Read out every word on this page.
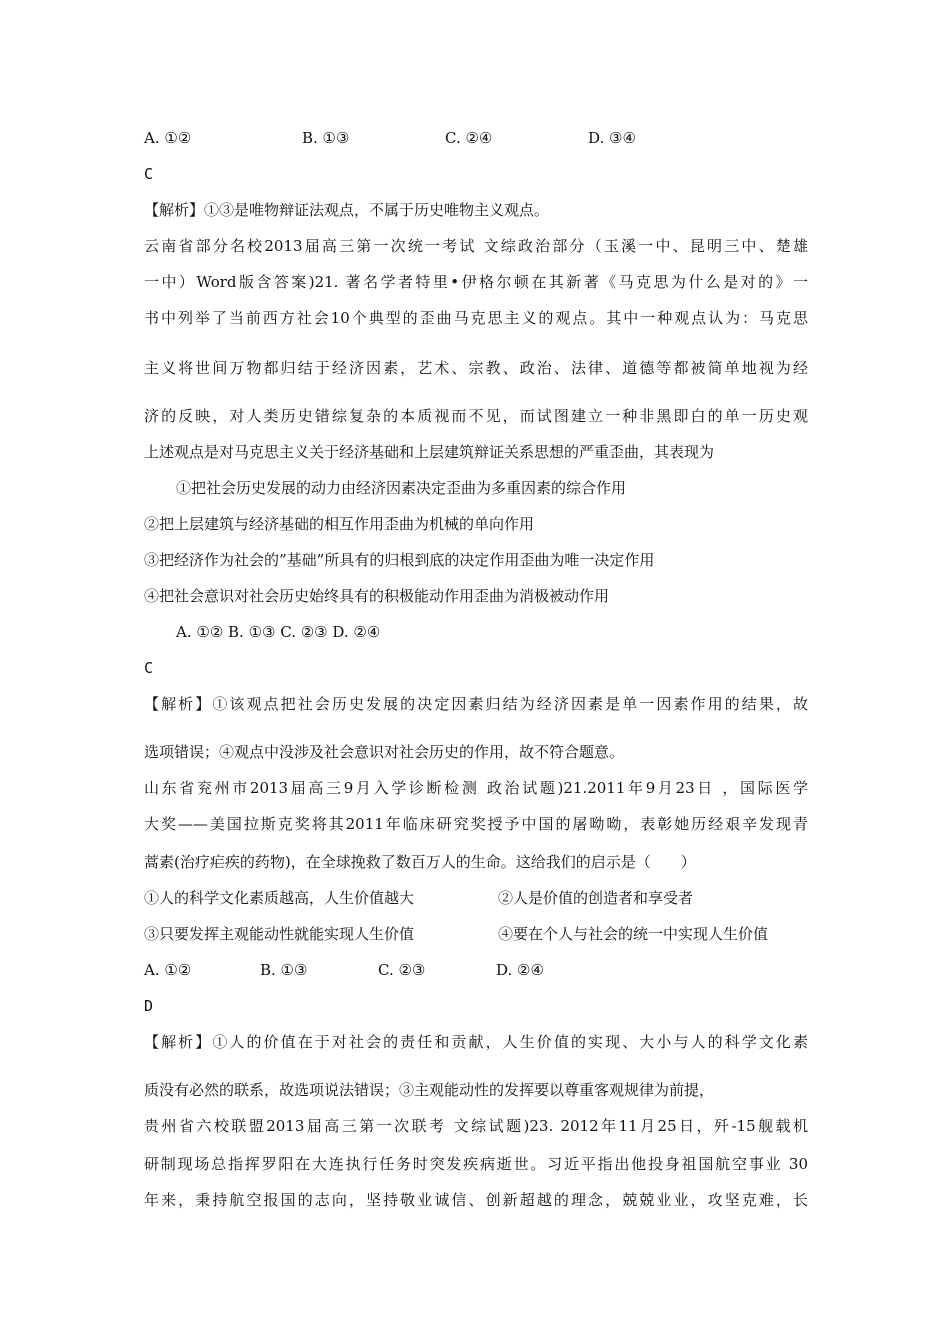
A. ①②	B. ①③	C. ②④	D. ③④
C
【解析】①③是唯物辩证法观点，不属于历史唯物主义观点。
云南省部分名校2013届高三第一次统一考试 文综政治部分（玉溪一中、昆明三中、楚雄
一中）Word版含答案)21. 著名学者特里•伊格尔顿在其新著《马克思为什么是对的》一
书中列举了当前西方社会10个典型的歪曲马克思主义的观点。其中一种观点认为：马克思
主义将世间万物都归结于经济因素，艺术、宗教、政治、法律、道德等都被简单地视为经
济的反映，对人类历史错综复杂的本质视而不见，而试图建立一种非黑即白的单一历史观
上述观点是对马克思主义关于经济基础和上层建筑辩证关系思想的严重歪曲，其表现为
①把社会历史发展的动力由经济因素决定歪曲为多重因素的综合作用
②把上层建筑与经济基础的相互作用歪曲为机械的单向作用
③把经济作为社会的”基础”所具有的归根到底的决定作用歪曲为唯一决定作用
④把社会意识对社会历史始终具有的积极能动作用歪曲为消极被动作用
A. ①② B. ①③ C. ②③ D. ②④
C
【解析】①该观点把社会历史发展的决定因素归结为经济因素是单一因素作用的结果，故
选项错误；④观点中没涉及社会意识对社会历史的作用，故不符合题意。
山东省兖州市2013届高三9月入学诊断检测 政治试题)21.2011年9月23日 ，国际医学
大奖——美国拉斯克奖将其2011年临床研究奖授予中国的屠呦呦，表彰她历经艰辛发现青
蒿素(治疗疟疾的药物)，在全球挽救了数百万人的生命。这给我们的启示是（　　）
①人的科学文化素质越高，人生价值越大	②人是价值的创造者和享受者
③只要发挥主观能动性就能实现人生价值	④要在个人与社会的统一中实现人生价值
A. ①②	B. ①③	C. ②③	D. ②④
D
【解析】①人的价值在于对社会的责任和贡献，人生价值的实现、大小与人的科学文化素
质没有必然的联系，故选项说法错误；③主观能动性的发挥要以尊重客观规律为前提，
贵州省六校联盟2013届高三第一次联考 文综试题)23. 2012年11月25日，歼-15舰载机
研制现场总指挥罗阳在大连执行任务时突发疾病逝世。习近平指出他投身祖国航空事业 30
年来，秉持航空报国的志向，坚持敬业诚信、创新超越的理念，兢兢业业，攻坚克难，长
